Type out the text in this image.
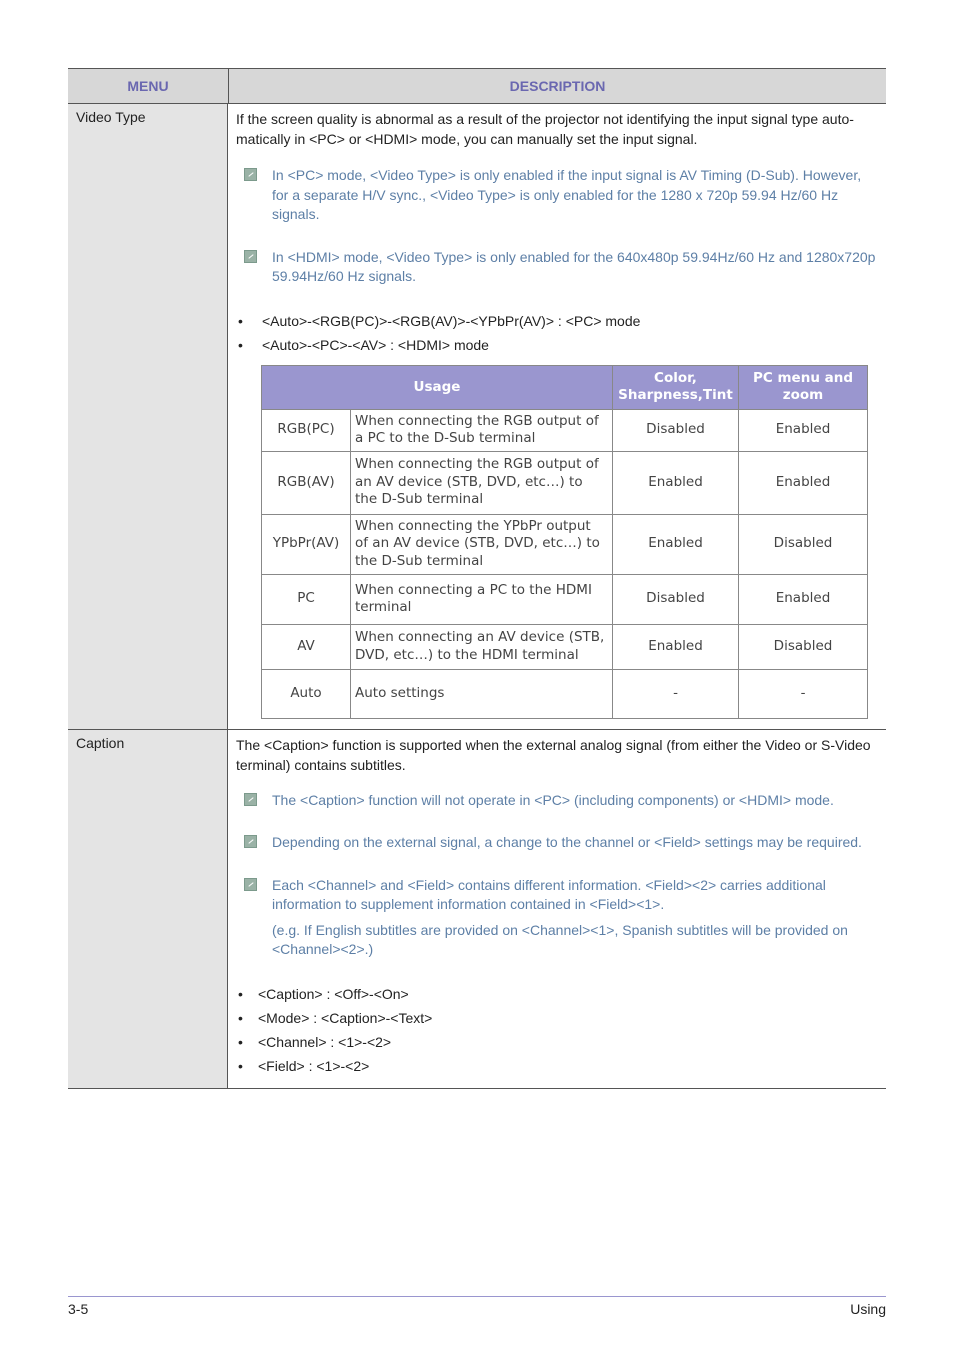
MENU	DESCRIPTION
Video Type	If the screen quality is abnormal as a result of the projector not identifying the input signal type auto-matically in <PC> or <HDMI> mode, you can manually set the input signal.

In <PC> mode, <Video Type> is only enabled if the input signal is AV Timing (D-Sub). However, for a separate H/V sync., <Video Type> is only enabled for the 1280 x 720p 59.94 Hz/60 Hz signals.
In <HDMI> mode, <Video Type> is only enabled for the 640x480p 59.94Hz/60 Hz and 1280x720p 59.94Hz/60 Hz signals.
•	<Auto>-<RGB(PC)>-<RGB(AV)>-<YPbPr(AV)> : <PC> mode
•	<Auto>-<PC>-<AV> : <HDMI> mode
Usage		Color, Sharpness,Tint	PC menu and zoom
RGB(PC)	When connecting the RGB output of a PC to the D-Sub terminal	Disabled	Enabled
RGB(AV)	When connecting the RGB output of an AV device (STB, DVD, etc…) to the D-Sub terminal	Enabled	Enabled
YPbPr(AV)	When connecting the YPbPr output of an AV device (STB, DVD, etc…) to the D-Sub terminal	Enabled	Disabled
PC	When connecting a PC to the HDMI terminal	Disabled	Enabled
AV	When connecting an AV device (STB, DVD, etc…) to the HDMI terminal	Enabled	Disabled
Auto	Auto settings	-	-
Caption	The <Caption> function is supported when the external analog signal (from either the Video or S-Video terminal) contains subtitles.

The <Caption> function will not operate in <PC> (including components) or <HDMI> mode.
Depending on the external signal, a change to the channel or <Field> settings may be required.
Each <Channel> and <Field> contains different information. <Field><2> carries additional information to supplement information contained in <Field><1>.
(e.g. If English subtitles are provided on <Channel><1>, Spanish subtitles will be provided on <Channel><2>.)
•	<Caption> : <Off>-<On>
•	<Mode> : <Caption>-<Text>
•	<Channel> : <1>-<2>
•	<Field> : <1>-<2>
3-5	Using
